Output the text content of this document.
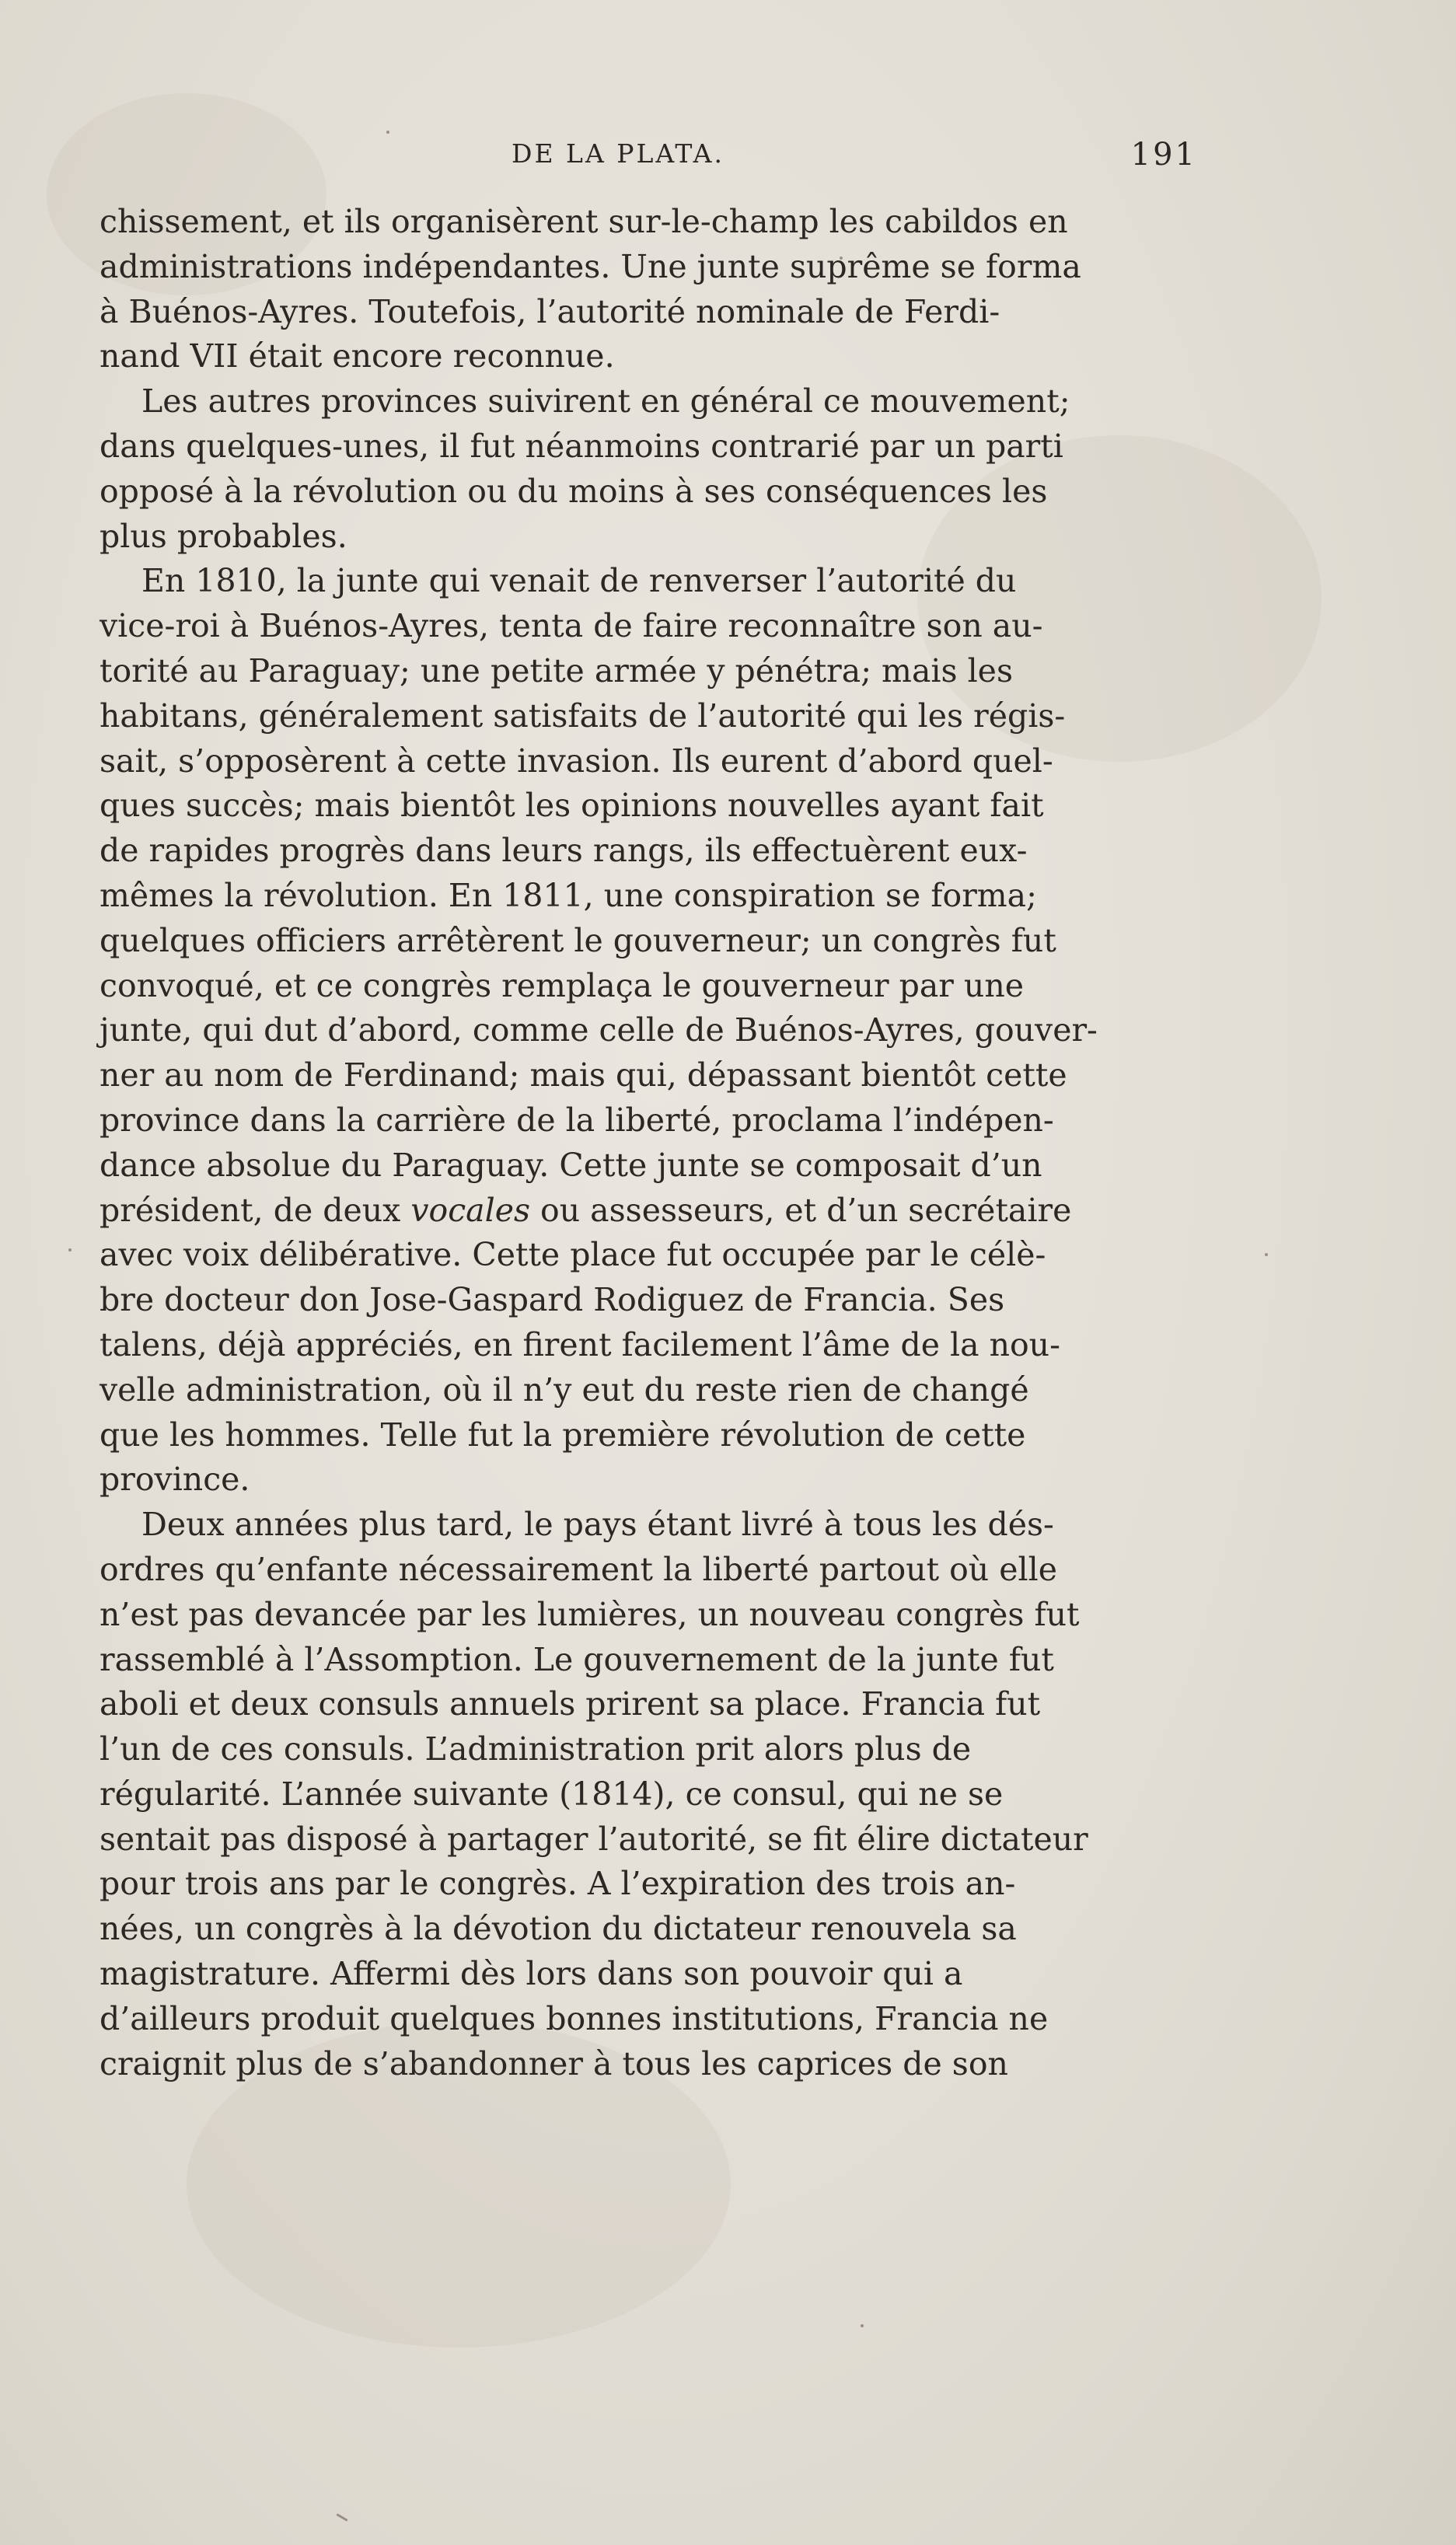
DE LA PLATA.	191

chissement, et ils organisèrent sur-le-champ les cabildos en
administrations indépendantes. Une junte suprême se forma
à Buénos-Ayres. Toutefois, l’autorité nominale de Ferdi-
nand VII était encore reconnue.

Les autres provinces suivirent en général ce mouvement;
dans quelques-unes, il fut néanmoins contrarié par un parti
opposé à la révolution ou du moins à ses conséquences les
plus probables.

En 1810, la junte qui venait de renverser l’autorité du
vice-roi à Buénos-Ayres, tenta de faire reconnaître son au-
torité au Paraguay; une petite armée y pénétra; mais les
habitans, généralement satisfaits de l’autorité qui les régis-
sait, s’opposèrent à cette invasion. Ils eurent d’abord quel-
ques succès; mais bientôt les opinions nouvelles ayant fait
de rapides progrès dans leurs rangs, ils effectuèrent eux-
mêmes la révolution. En 1811, une conspiration se forma;
quelques officiers arrêtèrent le gouverneur; un congrès fut
convoqué, et ce congrès remplaça le gouverneur par une
junte, qui dut d’abord, comme celle de Buénos-Ayres, gouver-
ner au nom de Ferdinand; mais qui, dépassant bientôt cette
province dans la carrière de la liberté, proclama l’indépen-
dance absolue du Paraguay. Cette junte se composait d’un
président, de deux vocales ou assesseurs, et d’un secrétaire
avec voix délibérative. Cette place fut occupée par le célè-
bre docteur don Jose-Gaspard Rodiguez de Francia. Ses
talens, déjà appréciés, en firent facilement l’âme de la nou-
velle administration, où il n’y eut du reste rien de changé
que les hommes. Telle fut la première révolution de cette
province.

Deux années plus tard, le pays étant livré à tous les dés-
ordres qu’enfante nécessairement la liberté partout où elle
n’est pas devancée par les lumières, un nouveau congrès fut
rassemblé à l’Assomption. Le gouvernement de la junte fut
aboli et deux consuls annuels prirent sa place. Francia fut
l’un de ces consuls. L’administration prit alors plus de
régularité. L’année suivante (1814), ce consul, qui ne se
sentait pas disposé à partager l’autorité, se fit élire dictateur
pour trois ans par le congrès. A l’expiration des trois an-
nées, un congrès à la dévotion du dictateur renouvela sa
magistrature. Affermi dès lors dans son pouvoir qui a
d’ailleurs produit quelques bonnes institutions, Francia ne
craignit plus de s’abandonner à tous les caprices de son
